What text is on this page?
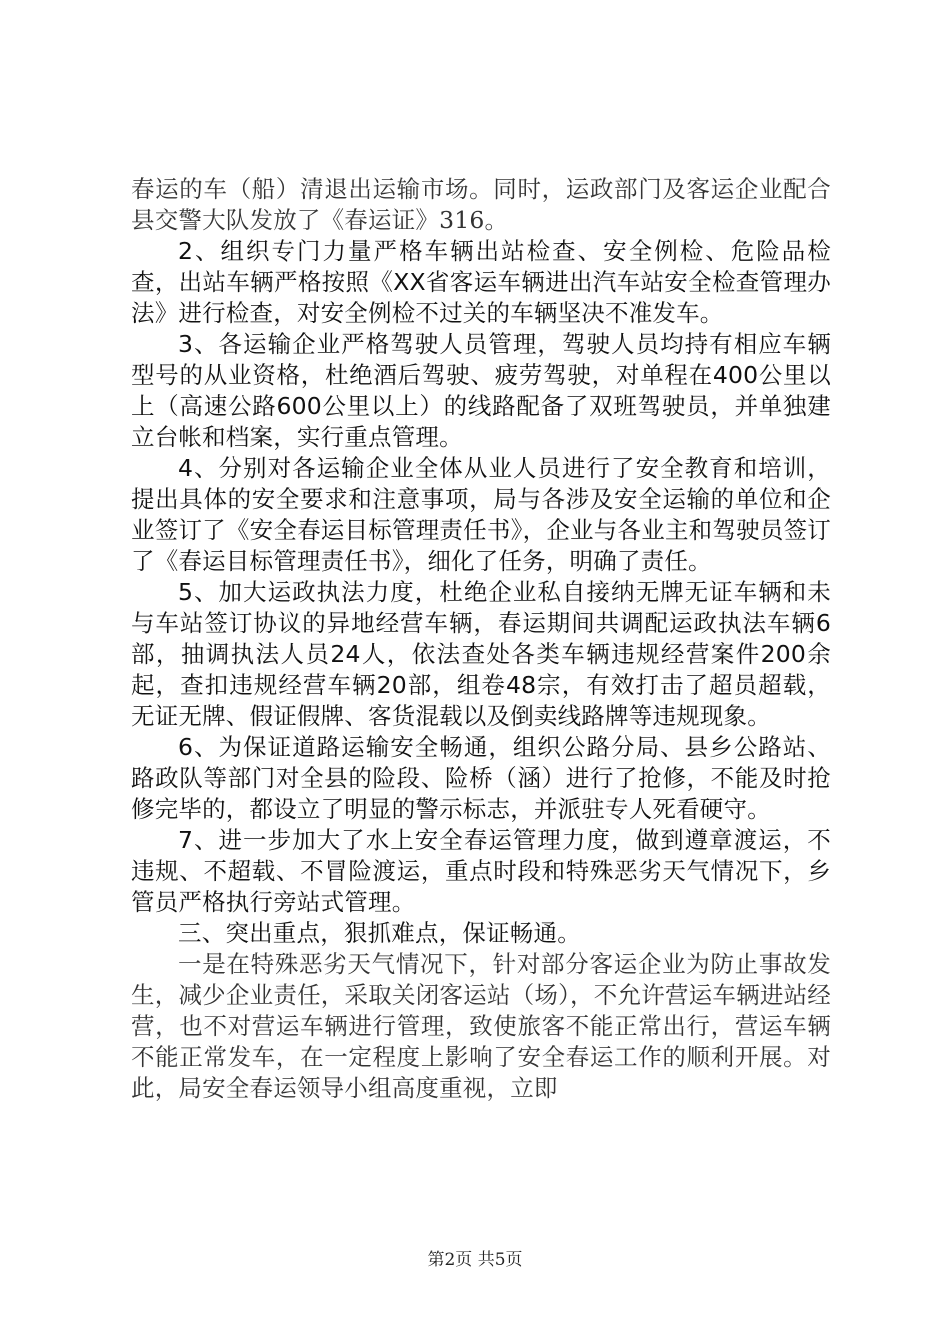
春运的车（船）清退出运输市场。同时，运政部门及客运企业配合县交警大队发放了《春运证》316。

2、组织专门力量严格车辆出站检查、安全例检、危险品检查，出站车辆严格按照《XX省客运车辆进出汽车站安全检查管理办法》进行检查，对安全例检不过关的车辆坚决不准发车。

3、各运输企业严格驾驶人员管理，驾驶人员均持有相应车辆型号的从业资格，杜绝酒后驾驶、疲劳驾驶，对单程在400公里以上（高速公路600公里以上）的线路配备了双班驾驶员，并单独建立台帐和档案，实行重点管理。

4、分别对各运输企业全体从业人员进行了安全教育和培训，提出具体的安全要求和注意事项，局与各涉及安全运输的单位和企业签订了《安全春运目标管理责任书》，企业与各业主和驾驶员签订了《春运目标管理责任书》，细化了任务，明确了责任。

5、加大运政执法力度，杜绝企业私自接纳无牌无证车辆和未与车站签订协议的异地经营车辆，春运期间共调配运政执法车辆6部，抽调执法人员24人，依法查处各类车辆违规经营案件200余起，查扣违规经营车辆20部，组卷48宗，有效打击了超员超载，无证无牌、假证假牌、客货混载以及倒卖线路牌等违规现象。

6、为保证道路运输安全畅通，组织公路分局、县乡公路站、路政队等部门对全县的险段、险桥（涵）进行了抢修，不能及时抢修完毕的，都设立了明显的警示标志，并派驻专人死看硬守。

7、进一步加大了水上安全春运管理力度，做到遵章渡运，不违规、不超载、不冒险渡运，重点时段和特殊恶劣天气情况下，乡管员严格执行旁站式管理。

三、突出重点，狠抓难点，保证畅通。

一是在特殊恶劣天气情况下，针对部分客运企业为防止事故发生，减少企业责任，采取关闭客运站（场），不允许营运车辆进站经营，也不对营运车辆进行管理，致使旅客不能正常出行，营运车辆不能正常发车，在一定程度上影响了安全春运工作的顺利开展。对此，局安全春运领导小组高度重视，立即

第2页 共5页
